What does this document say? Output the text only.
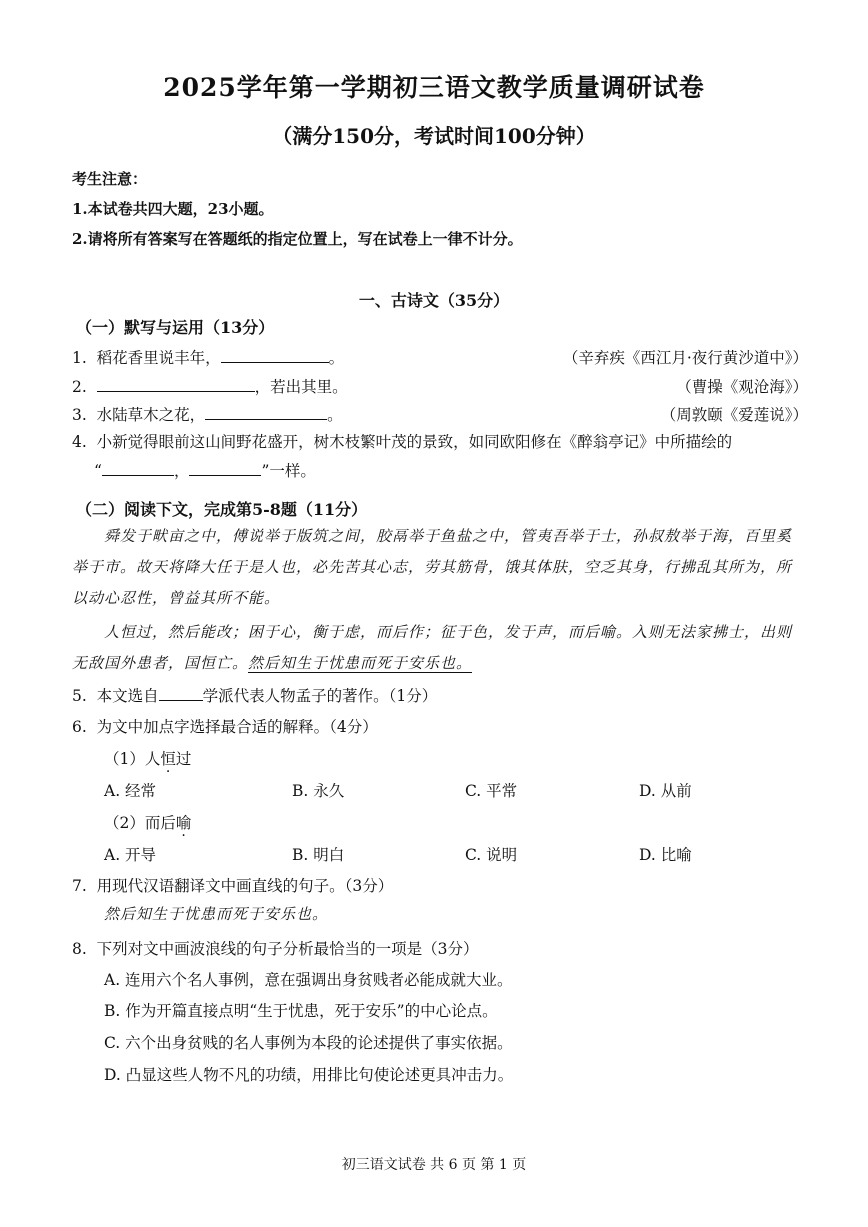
2025学年第一学期初三语文教学质量调研试卷
（满分150分，考试时间100分钟）
考生注意：
1.本试卷共四大题，23小题。
2.请将所有答案写在答题纸的指定位置上，写在试卷上一律不计分。
一、古诗文（35分）
（一）默写与运用（13分）
1. 稻花香里说丰年，	。	（辛弃疾《西江月·夜行黄沙道中》）
2.	，若出其里。	（曹操《观沧海》）
3. 水陆草木之花，	。	（周敦颐《爱莲说》）
4. 小新觉得眼前这山间野花盛开，树木枝繁叶茂的景致，如同欧阳修在《醉翁亭记》中所描绘的
“	，	”一样。
（二）阅读下文，完成第5-8题（11分）
舜发于畎亩之中，傅说举于版筑之间，胶鬲举于鱼盐之中，管夷吾举于士，孙叔敖举于海，百里奚
举于市。故天将降大任于是人也，必先苦其心志，劳其筋骨，饿其体肤，空乏其身，行拂乱其所为，所
以动心忍性，曾益其所不能。
人恒过，然后能改；困于心，衡于虑，而后作；征于色，发于声，而后喻。入则无法家拂士，出则
无敌国外患者，国恒亡。然后知生于忧患而死于安乐也。
5. 本文选自	学派代表人物孟子的著作。（1分）
6. 为文中加点字选择最合适的解释。（4分）
（1）人恒过
A. 经常	B. 永久	C. 平常	D. 从前
（2）而后喻
A. 开导	B. 明白	C. 说明	D. 比喻
7. 用现代汉语翻译文中画直线的句子。（3分）
然后知生于忧患而死于安乐也。
8. 下列对文中画波浪线的句子分析最恰当的一项是（3分）
A. 连用六个名人事例，意在强调出身贫贱者必能成就大业。
B. 作为开篇直接点明“生于忧患，死于安乐”的中心论点。
C. 六个出身贫贱的名人事例为本段的论述提供了事实依据。
D. 凸显这些人物不凡的功绩，用排比句使论述更具冲击力。
初三语文试卷 共 6 页 第 1 页
